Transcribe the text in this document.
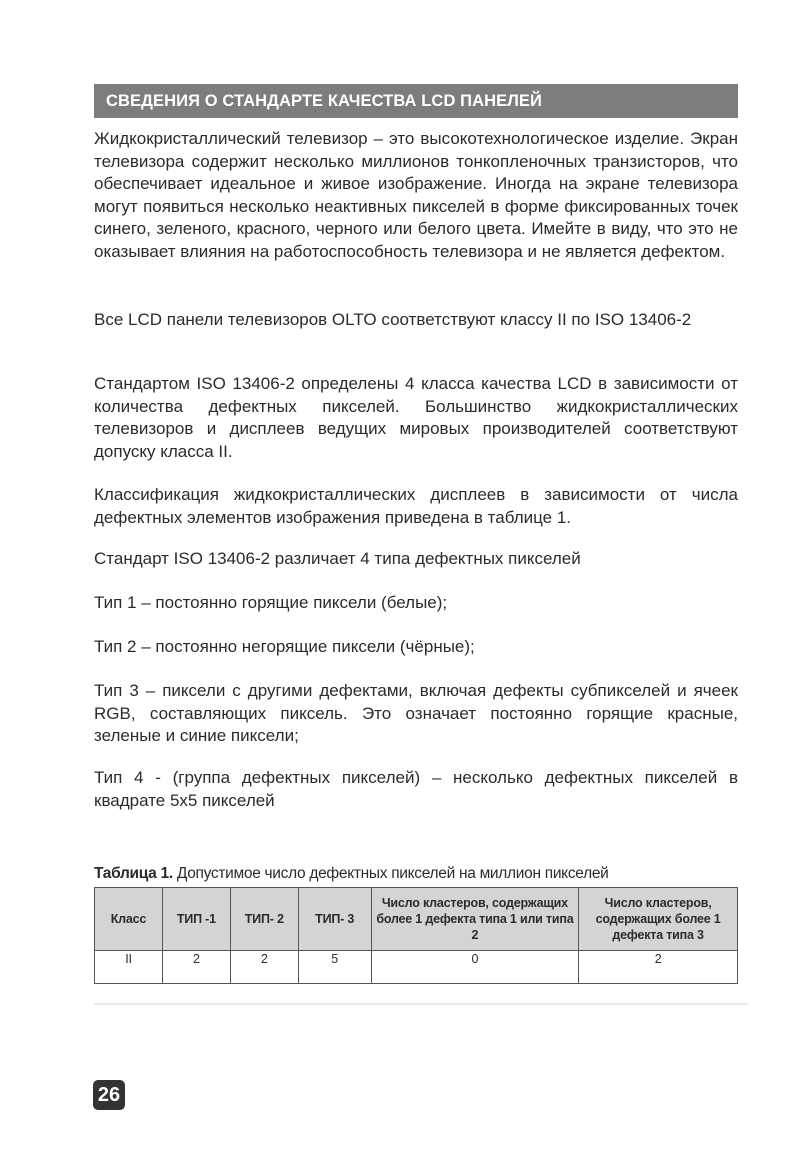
СВЕДЕНИЯ О СТАНДАРТЕ КАЧЕСТВА LCD ПАНЕЛЕЙ
Жидкокристаллический телевизор – это высокотехнологическое изделие. Экран телевизора содержит несколько миллионов тонкопленочных транзисторов, что обеспечивает идеальное и живое изображение. Иногда на экране телевизора могут появиться несколько неактивных пикселей в форме фиксированных точек синего, зеленого, красного, черного или белого цвета. Имейте в виду, что это не оказывает влияния на работоспособность телевизора и не является дефектом.
Все LCD панели телевизоров OLTO соответствуют классу II по ISO 13406-2
Стандартом ISO 13406-2 определены 4 класса качества LCD в зависимости от количества дефектных пикселей. Большинство жидкокристаллических телевизоров и дисплеев ведущих мировых производителей соответствуют допуску класса II.
Классификация жидкокристаллических дисплеев в зависимости от числа дефектных элементов изображения приведена в таблице 1.
Стандарт ISO 13406-2 различает 4 типа дефектных пикселей
Тип 1 – постоянно горящие пиксели (белые);
Тип 2 – постоянно негорящие пиксели (чёрные);
Тип 3 – пиксели с другими дефектами, включая дефекты субпикселей и ячеек RGB, составляющих пиксель. Это означает постоянно горящие красные, зеленые и синие пиксели;
Тип 4 - (группа дефектных пикселей) – несколько дефектных пикселей в квадрате 5x5 пикселей
Таблица 1. Допустимое число дефектных пикселей на миллион пикселей
Класс	ТИП -1	ТИП- 2	ТИП- 3	Число кластеров, содержащих более 1 дефекта типа 1 или типа 2	Число кластеров, содержащих более 1 дефекта типа 3
II	2	2	5	0	2
26
